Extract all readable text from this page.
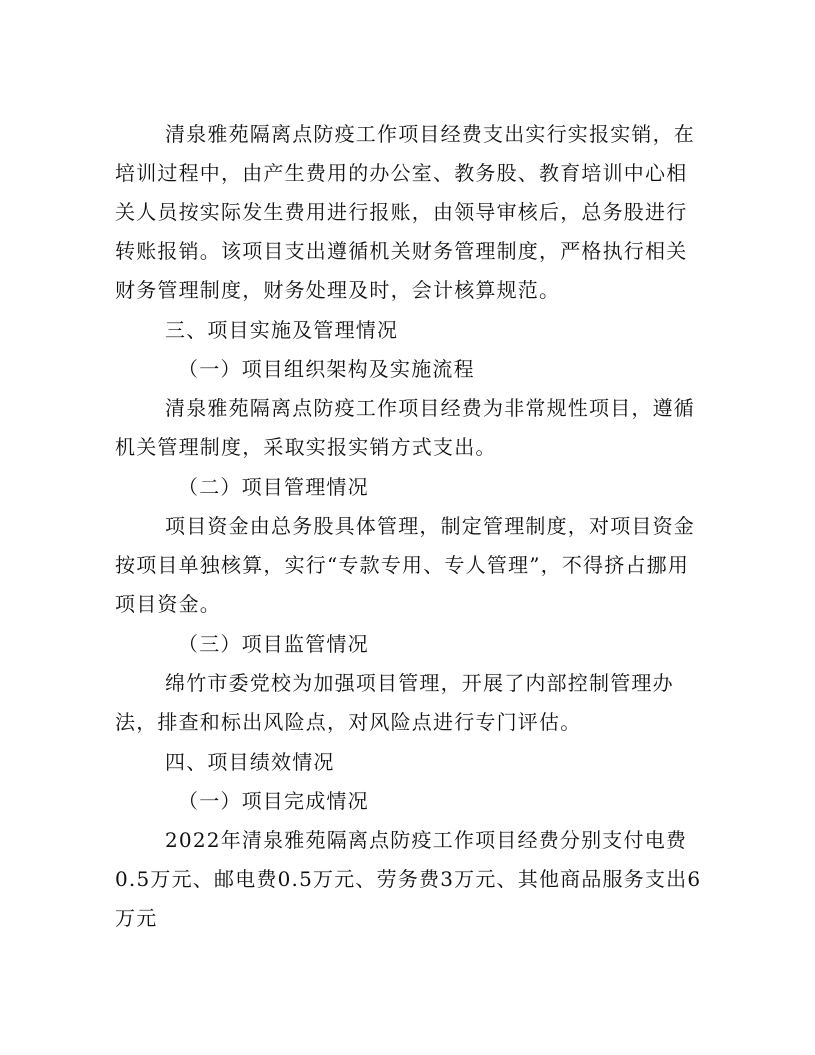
清泉雅苑隔离点防疫工作项目经费支出实行实报实销，在
培训过程中，由产生费用的办公室、教务股、教育培训中心相
关人员按实际发生费用进行报账，由领导审核后，总务股进行
转账报销。该项目支出遵循机关财务管理制度，严格执行相关
财务管理制度，财务处理及时，会计核算规范。
三、项目实施及管理情况
（一）项目组织架构及实施流程
清泉雅苑隔离点防疫工作项目经费为非常规性项目，遵循
机关管理制度，采取实报实销方式支出。
（二）项目管理情况
项目资金由总务股具体管理，制定管理制度，对项目资金
按项目单独核算，实行“专款专用、专人管理”，不得挤占挪用
项目资金。
（三）项目监管情况
绵竹市委党校为加强项目管理，开展了内部控制管理办
法，排查和标出风险点，对风险点进行专门评估。
四、项目绩效情况
（一）项目完成情况
2022年清泉雅苑隔离点防疫工作项目经费分别支付电费
0.5万元、邮电费0.5万元、劳务费3万元、其他商品服务支出6
万元
